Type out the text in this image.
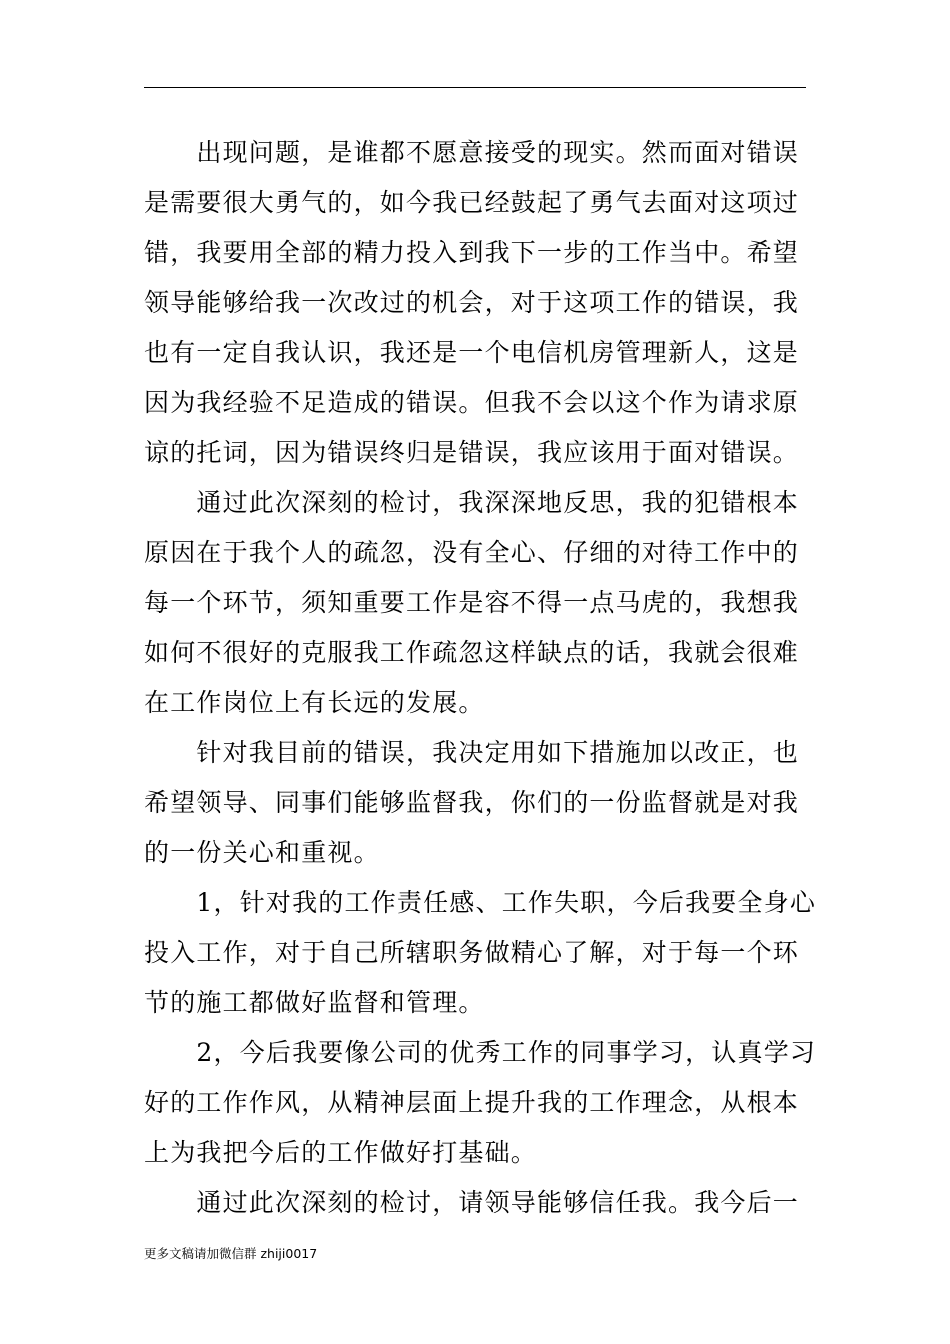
　　出现问题，是谁都不愿意接受的现实。然而面对错误
是需要很大勇气的，如今我已经鼓起了勇气去面对这项过
错，我要用全部的精力投入到我下一步的工作当中。希望
领导能够给我一次改过的机会，对于这项工作的错误，我
也有一定自我认识，我还是一个电信机房管理新人，这是
因为我经验不足造成的错误。但我不会以这个作为请求原
谅的托词，因为错误终归是错误，我应该用于面对错误。
　　通过此次深刻的检讨，我深深地反思，我的犯错根本
原因在于我个人的疏忽，没有全心、仔细的对待工作中的
每一个环节，须知重要工作是容不得一点马虎的，我想我
如何不很好的克服我工作疏忽这样缺点的话，我就会很难
在工作岗位上有长远的发展。
　　针对我目前的错误，我决定用如下措施加以改正，也
希望领导、同事们能够监督我，你们的一份监督就是对我
的一份关心和重视。
　　1，针对我的工作责任感、工作失职，今后我要全身心
投入工作，对于自己所辖职务做精心了解，对于每一个环
节的施工都做好监督和管理。
　　2，今后我要像公司的优秀工作的同事学习，认真学习
好的工作作风，从精神层面上提升我的工作理念，从根本
上为我把今后的工作做好打基础。
　　通过此次深刻的检讨，请领导能够信任我。我今后一
更多文稿请加微信群 zhiji0017
